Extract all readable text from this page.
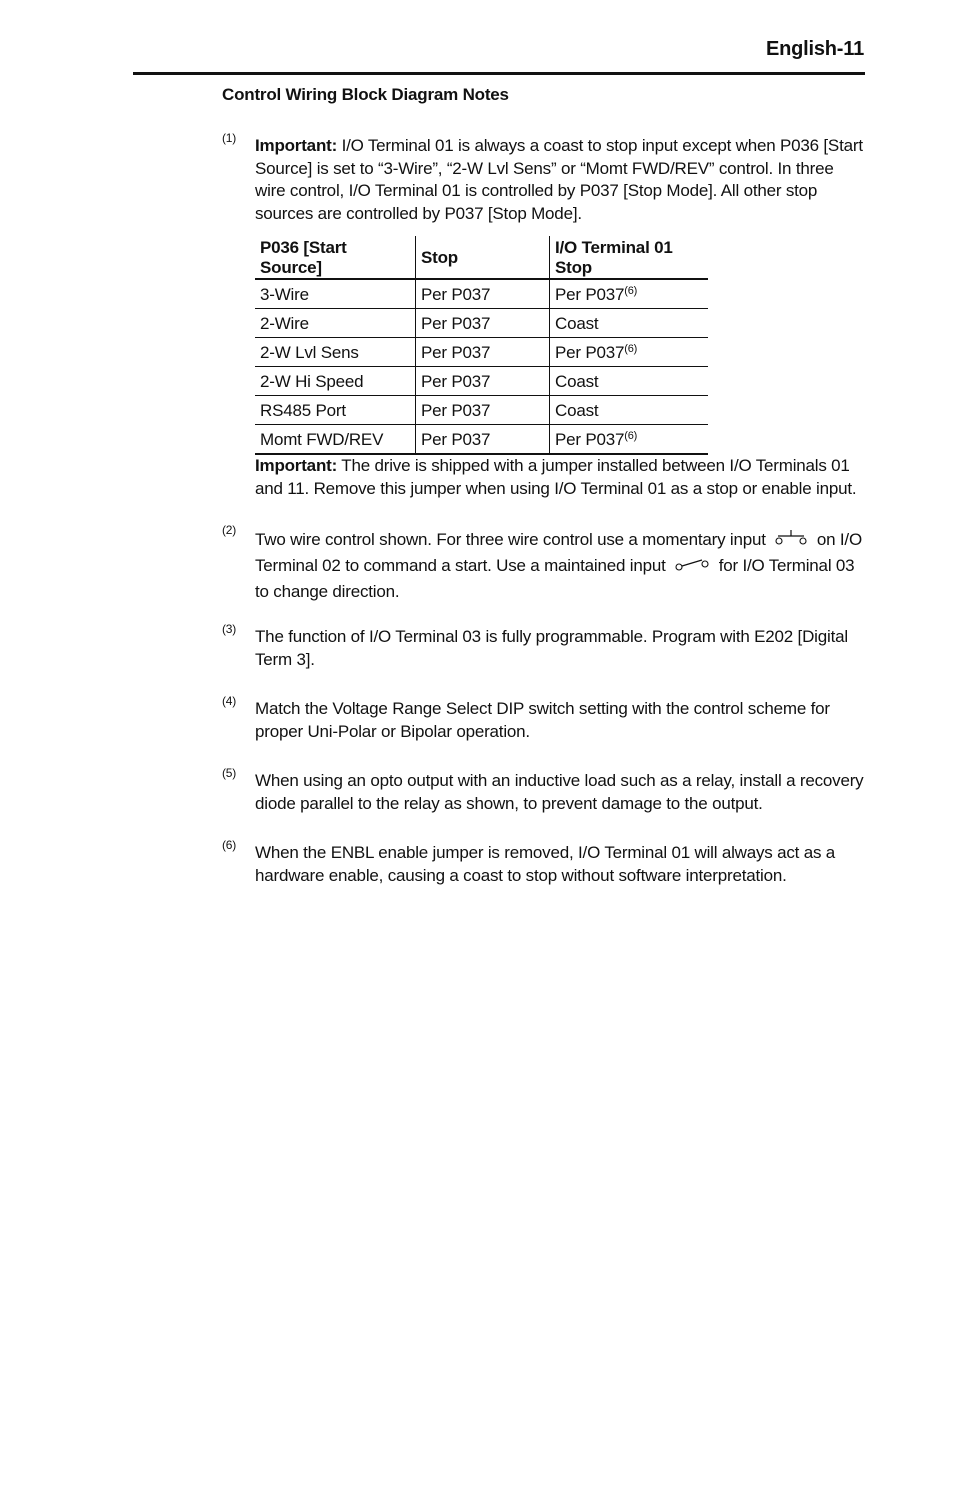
English-11
Control Wiring Block Diagram Notes
(1) Important: I/O Terminal 01 is always a coast to stop input except when P036 [Start Source] is set to “3-Wire”, “2-W Lvl Sens” or “Momt FWD/REV” control. In three wire control, I/O Terminal 01 is controlled by P037 [Stop Mode]. All other stop sources are controlled by P037 [Stop Mode].
P036 [Start Source]	Stop	I/O Terminal 01 Stop
3-Wire	Per P037	Per P037$^{(6)}$
2-Wire	Per P037	Coast
2-W Lvl Sens	Per P037	Per P037$^{(6)}$
2-W Hi Speed	Per P037	Coast
RS485 Port	Per P037	Coast
Momt FWD/REV	Per P037	Per P037$^{(6)}$
Important: The drive is shipped with a jumper installed between I/O Terminals 01 and 11. Remove this jumper when using I/O Terminal 01 as a stop or enable input.
(2) Two wire control shown. For three wire control use a momentary input	on I/O Terminal 02 to command a start. Use a maintained input	for I/O Terminal 03 to change direction.
(3) The function of I/O Terminal 03 is fully programmable. Program with E202 [Digital Term 3].
(4) Match the Voltage Range Select DIP switch setting with the control scheme for proper Uni-Polar or Bipolar operation.
(5) When using an opto output with an inductive load such as a relay, install a recovery diode parallel to the relay as shown, to prevent damage to the output.
(6) When the ENBL enable jumper is removed, I/O Terminal 01 will always act as a hardware enable, causing a coast to stop without software interpretation.
